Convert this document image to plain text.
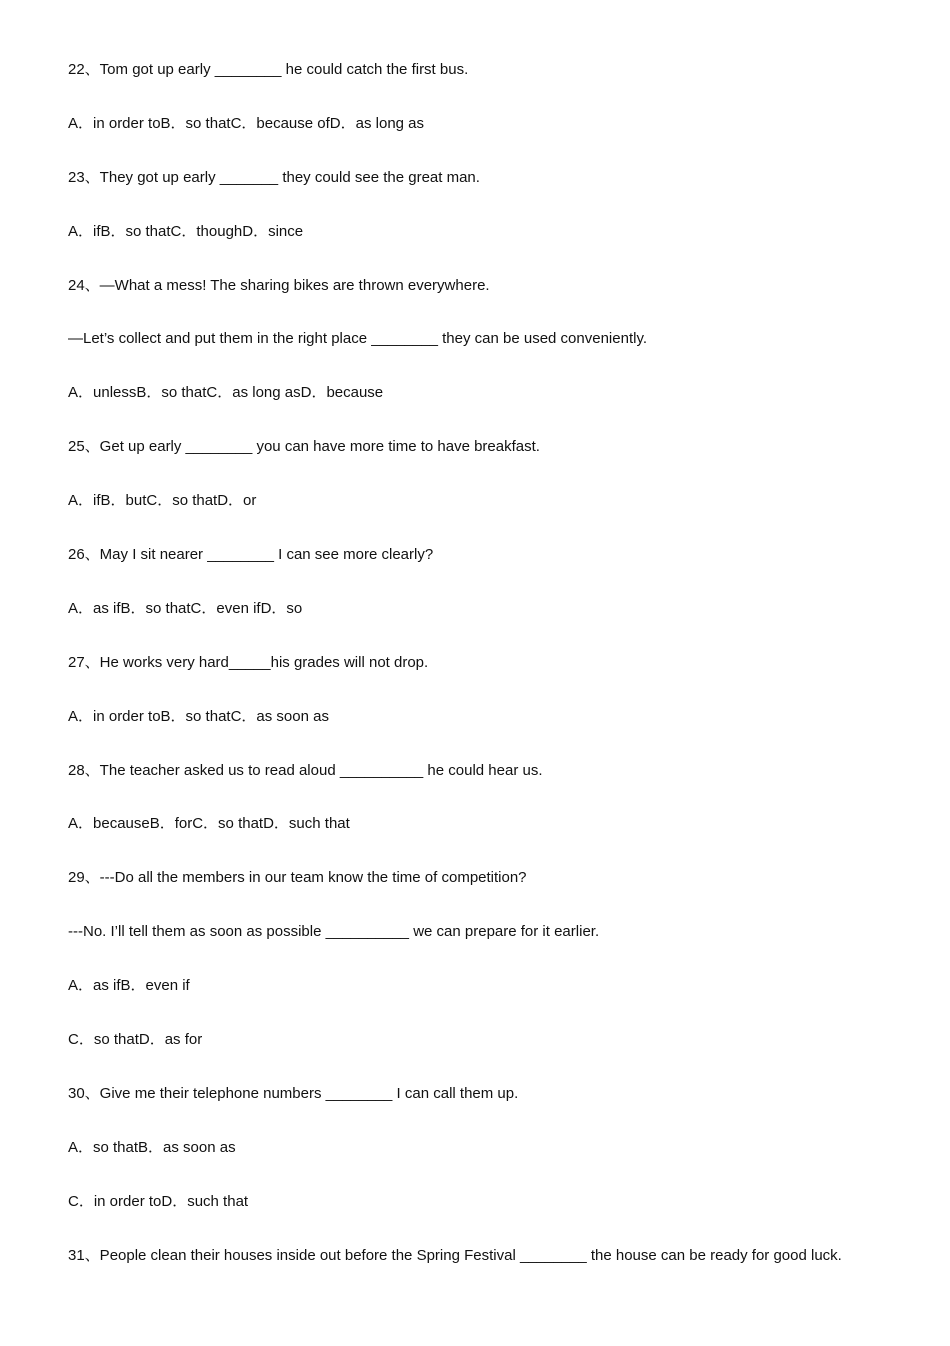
22、Tom got up early ________ he could catch the first bus.
A．in order toB．so thatC．because ofD．as long as
23、They got up early _______ they could see the great man.
A．ifB．so thatC．thoughD．since
24、—What a mess! The sharing bikes are thrown everywhere.
—Let’s collect and put them in the right place ________ they can be used conveniently.
A．unlessB．so thatC．as long asD．because
25、Get up early ________ you can have more time to have breakfast.
A．ifB．butC．so thatD．or
26、May I sit nearer ________ I can see more clearly?
A．as ifB．so thatC．even ifD．so
27、He works very hard_____his grades will not drop.
A．in order toB．so thatC．as soon as
28、The teacher asked us to read aloud __________ he could hear us.
A．becauseB．forC．so thatD．such that
29、---Do all the members in our team know the time of competition?
---No. I’ll tell them as soon as possible __________ we can prepare for it earlier.
A．as ifB．even if
C．so thatD．as for
30、Give me their telephone numbers ________ I can call them up.
A．so thatB．as soon as
C．in order toD．such that
31、People clean their houses inside out before the Spring Festival ________ the house can be ready for good luck.
